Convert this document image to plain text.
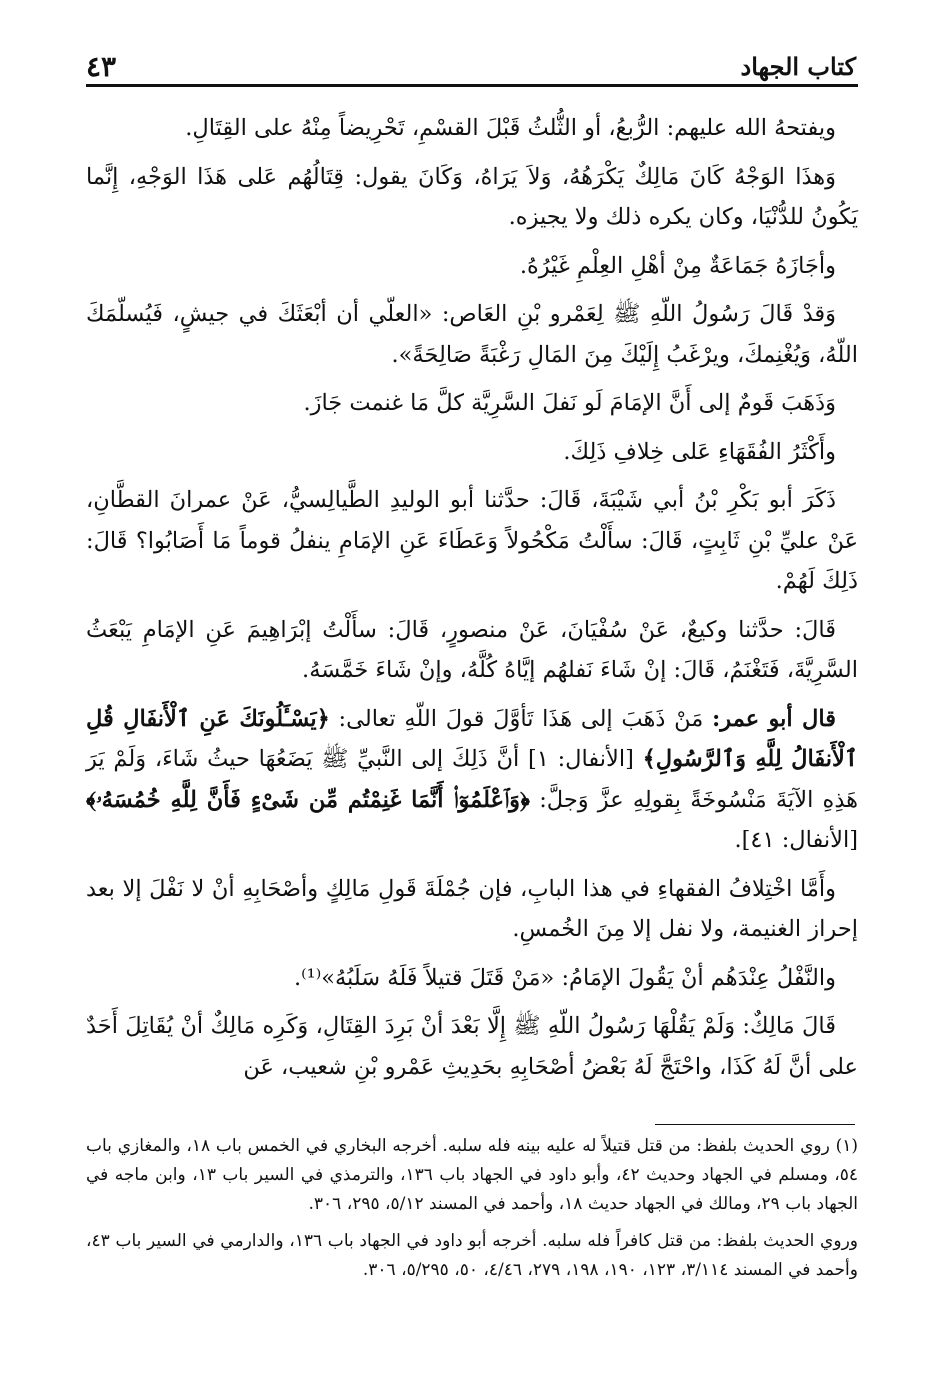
كتاب الجهاد
٤٣

ويفتحهُ الله عليهم: الرُّبعُ، أو الثُّلثُ قَبْلَ القسْمِ، تَحْرِيضاً مِنْهُ على القِتَالِ.

وَهذَا الوَجْهُ كَانَ مَالِكٌ يَكْرَهُهُ، وَلاَ يَرَاهُ، وَكَانَ يقول: قِتَالُهُم عَلى هَذَا الوَجْهِ، إِنَّما يَكُونُ للدُّنْيَا، وكان يكره ذلك ولا يجيزه.

وأجَازَهُ جَمَاعَةٌ مِنْ أهْلِ العِلْمِ غَيْرُهُ.

وَقدْ قَالَ رَسُولُ اللّهِ ﷺ لِعَمْرو بْنِ العَاص: «العلّي أن أبْعَثَكَ في جيشٍ، فَيُسلّمَكَ اللّهُ، وَيُغْنِمكَ، ويرْغَبُ إِلَيْكَ مِنَ المَالِ رَغْبَةً صَالِحَةً».

وَذَهَبَ قَومٌ إلى أَنَّ الإمَامَ لَو نَفلَ السَّرِيَّة كلَّ مَا غنمت جَازَ.

وأَكْثَرُ الفُقَهَاءِ عَلى خِلافِ ذَلِكَ.

ذَكَرَ أبو بَكْرِ بْنُ أبي شَيْبَةَ، قَالَ: حدَّثنا أبو الوليدِ الطَّيالِسيُّ، عَنْ عمرانَ القطَّانِ، عَنْ عليِّ بْنِ ثَابِتٍ، قَالَ: سأَلْتُ مَكْحُولاً وَعَطَاءَ عَنِ الإمَامِ ينفلُ قوماً مَا أَصَابُوا؟ قَالَ: ذَلِكَ لَهُمْ.

قَالَ: حدَّثنا وكيعٌ، عَنْ سُفْيَانَ، عَنْ منصورٍ، قَالَ: سأَلْتُ إبْرَاهِيمَ عَنِ الإمَامِ يَبْعَثُ السَّرِيَّةَ، فَتَغْنَمُ، قَالَ: إنْ شَاءَ نَفلهُم إيَّاهُ كُلَّهُ، وإنْ شَاءَ خَمَّسَهُ.

قال أبو عمر: مَنْ ذَهَبَ إلى هَذَا تَأوَّلَ قولَ اللّهِ تعالى: ﴿يَسْـَٔلُونَكَ عَنِ ٱلْأَنفَالِ قُلِ ٱلْأَنفَالُ لِلَّهِ وَٱلرَّسُولِ﴾ [الأنفال: ١] أنَّ ذَلِكَ إلى النَّبيِّ ﷺ يَضَعُهَا حيثُ شَاءَ، وَلَمْ يَرَ هَذِهِ الآيَةَ مَنْسُوخَةً بِقولِهِ عزَّ وَجلَّ: ﴿وَٱعْلَمُوٓا۟ أَنَّمَا غَنِمْتُم مِّن شَىْءٍ فَأَنَّ لِلَّهِ خُمُسَهُۥ﴾ [الأنفال: ٤١].

وأَمَّا اخْتِلافُ الفقهاءِ في هذا البابِ، فإن جُمْلَةَ قَولِ مَالِكٍ وأصْحَابِهِ أنْ لا نَفْلَ إلا بعد إحراز الغنيمة، ولا نفل إلا مِنَ الخُمسِ.

والنَّفْلُ عِنْدَهُم أنْ يَقُولَ الإمَامُ: «مَنْ قَتَلَ قتيلاً فَلَهُ سَلَبُهُ»⁽¹⁾.

قَالَ مَالِكٌ: وَلَمْ يَقُلْهَا رَسُولُ اللّهِ ﷺ إِلَّا بَعْدَ أنْ بَرِدَ القِتَالِ، وَكَرِه مَالِكٌ أنْ يُقَاتِلَ أَحَدٌ على أنَّ لَهُ كَذَا، واحْتَجَّ لَهُ بَعْضُ أصْحَابِهِ بحَدِيثِ عَمْرو بْنِ شعيب، عَن

(١) روي الحديث بلفظ: من قتل قتيلاً له عليه بينه فله سلبه. أخرجه البخاري في الخمس باب ١٨، والمغازي باب ٥٤، ومسلم في الجهاد وحديث ٤٢، وأبو داود في الجهاد باب ١٣٦، والترمذي في السير باب ١٣، وابن ماجه في الجهاد باب ٢٩، ومالك في الجهاد حديث ١٨، وأحمد في المسند ٥/١٢، ٢٩٥، ٣٠٦.

وروي الحديث بلفظ: من قتل كافراً فله سلبه. أخرجه أبو داود في الجهاد باب ١٣٦، والدارمي في السير باب ٤٣، وأحمد في المسند ٣/١١٤، ١٢٣، ١٩٠، ١٩٨، ٢٧٩، ٤/٤٦، ٥٠، ٥/٢٩٥، ٣٠٦.
